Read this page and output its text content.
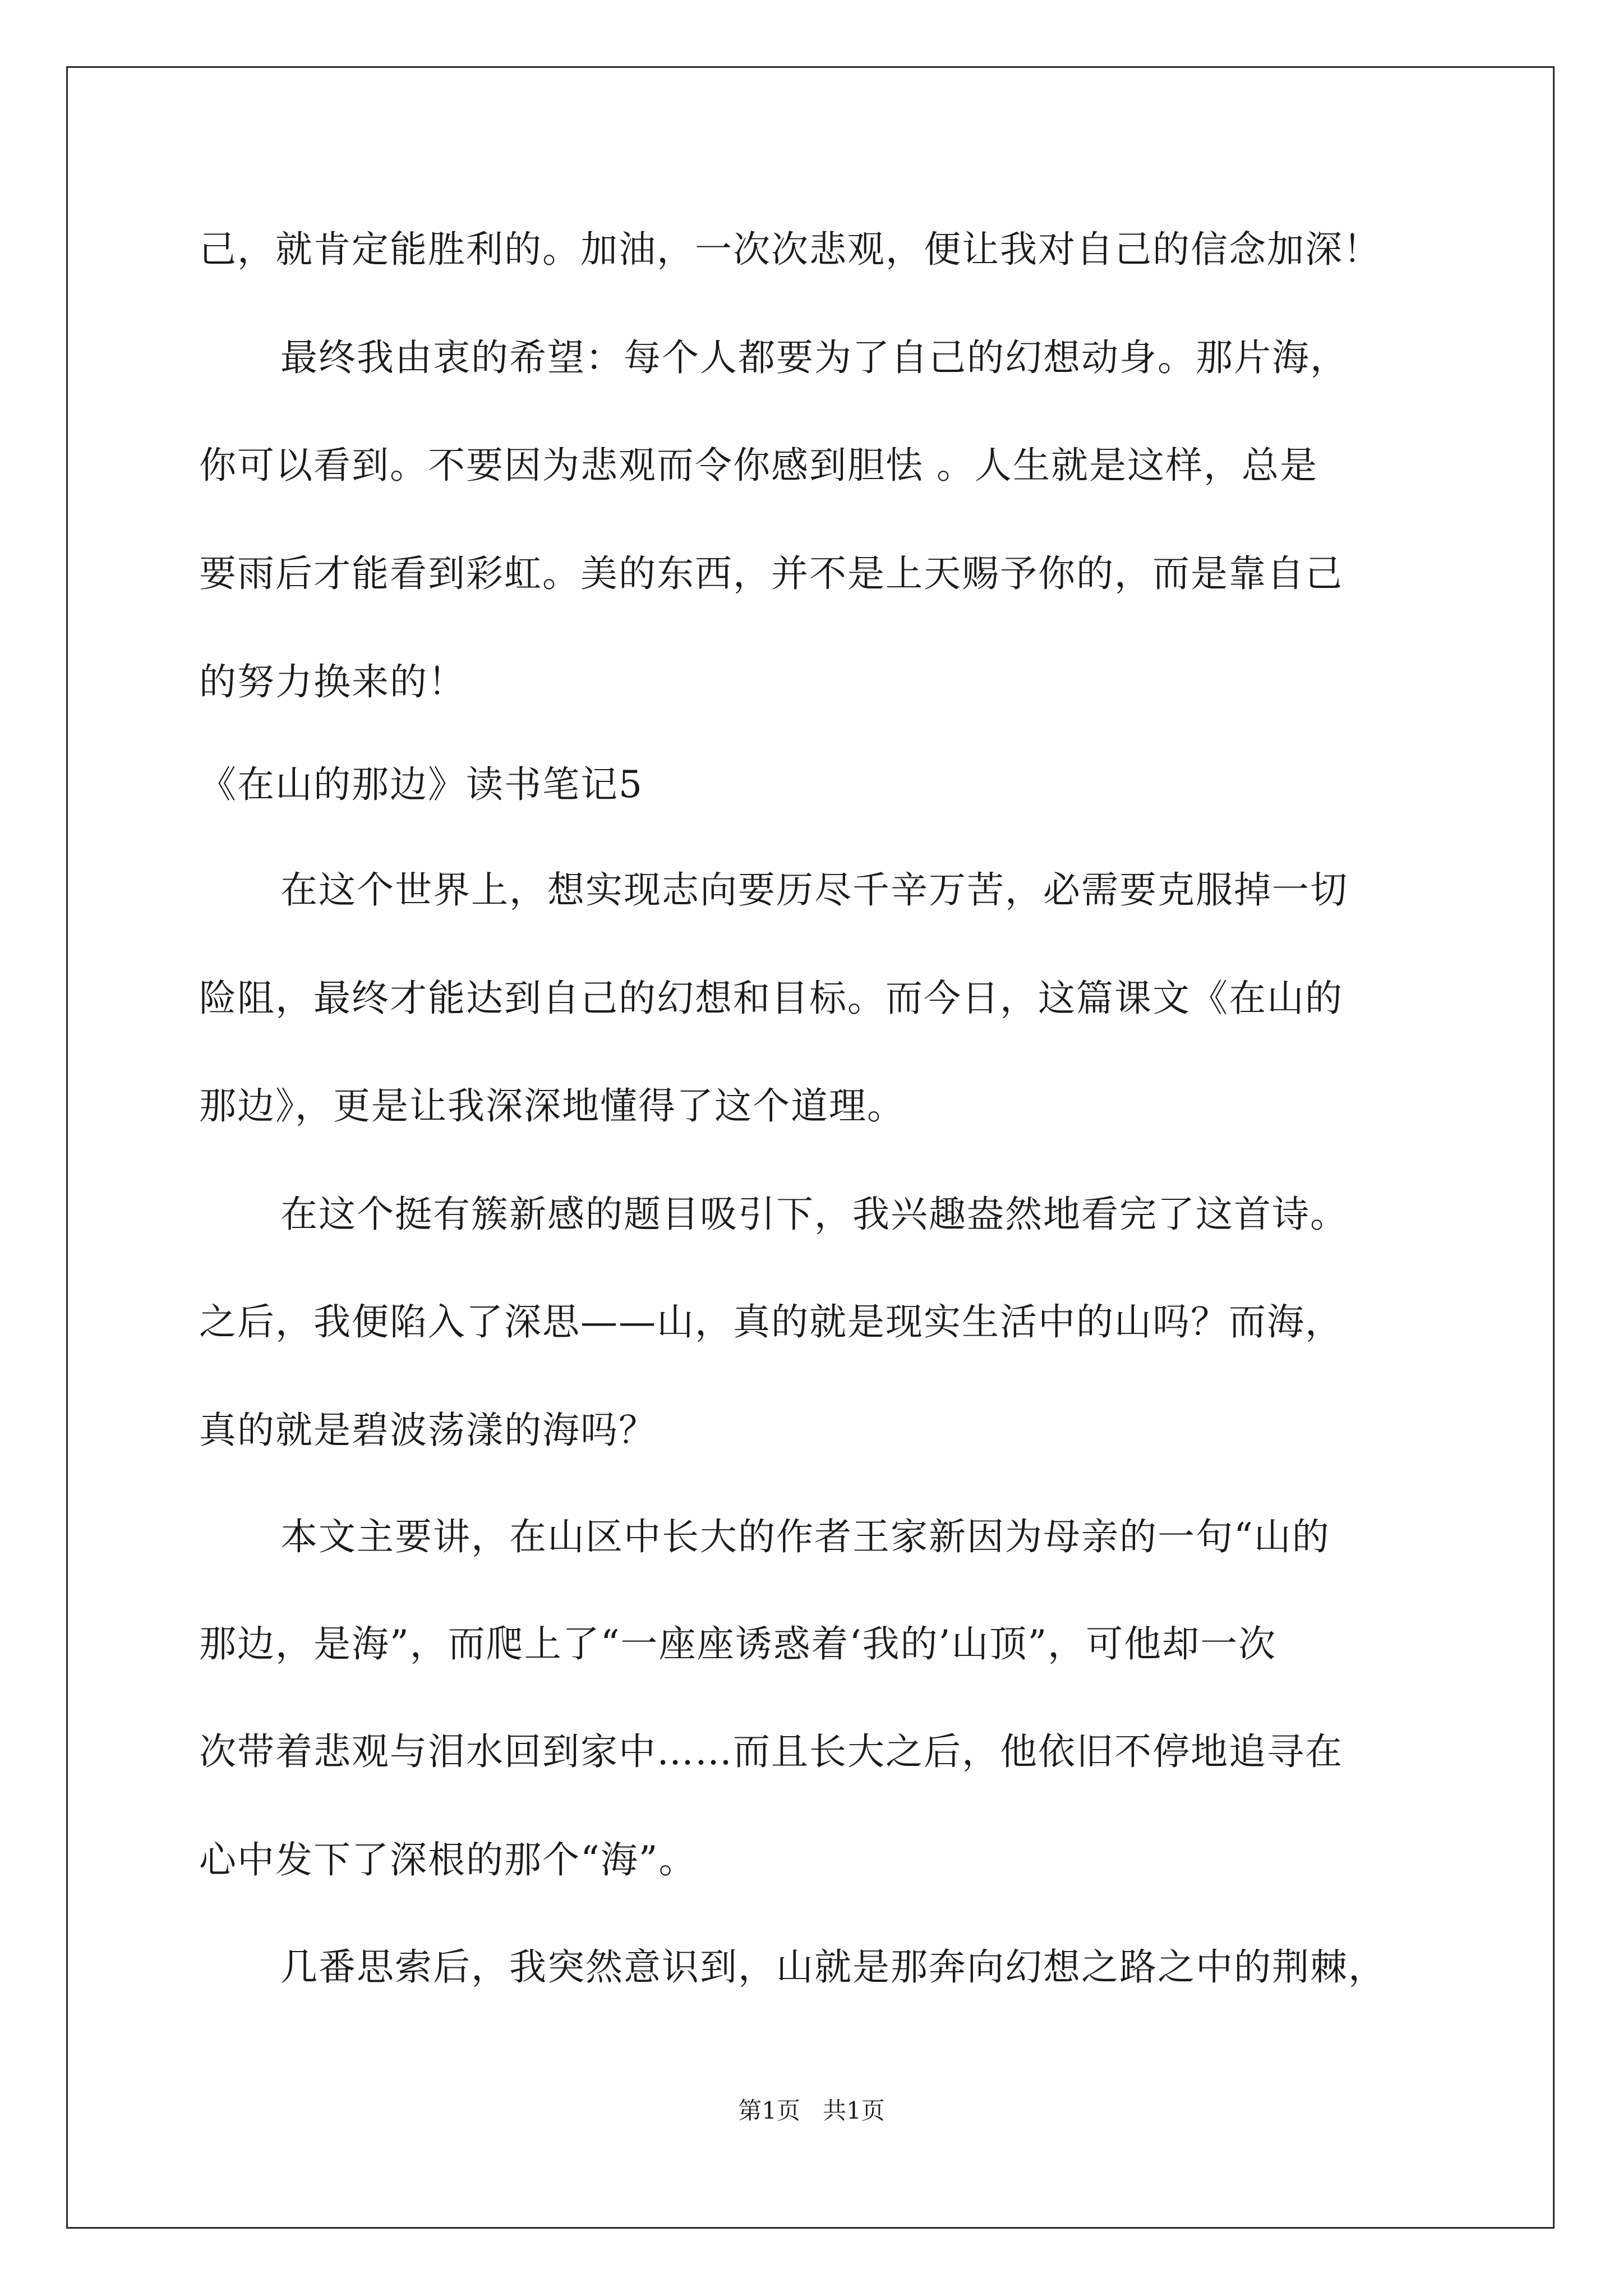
己，就肯定能胜利的。加油，一次次悲观，便让我对自己的信念加深！
最终我由衷的希望：每个人都要为了自己的幻想动身。那片海，
你可以看到。不要因为悲观而令你感到胆怯 。人生就是这样，总是
要雨后才能看到彩虹。美的东西，并不是上天赐予你的，而是靠自己
的努力换来的！
《在山的那边》读书笔记5
在这个世界上，想实现志向要历尽千辛万苦，必需要克服掉一切
险阻，最终才能达到自己的幻想和目标。而今日，这篇课文《在山的
那边》，更是让我深深地懂得了这个道理。
在这个挺有簇新感的题目吸引下，我兴趣盎然地看完了这首诗。
之后，我便陷入了深思——山，真的就是现实生活中的山吗？而海，
真的就是碧波荡漾的海吗？
本文主要讲，在山区中长大的作者王家新因为母亲的一句“山的
那边，是海”，而爬上了“一座座诱惑着‘我的’山顶”，可他却一次
次带着悲观与泪水回到家中……而且长大之后，他依旧不停地追寻在
心中发下了深根的那个“海”。
几番思索后，我突然意识到，山就是那奔向幻想之路之中的荆棘，
第1页   共1页
